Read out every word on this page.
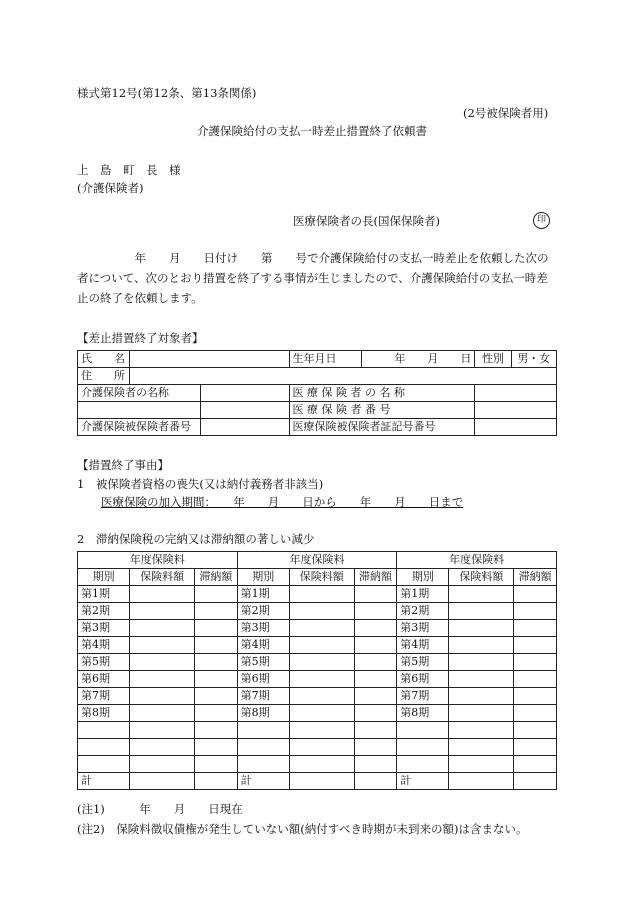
様式第12号(第12条、第13条関係)
(2号被保険者用)
介護保険給付の支払一時差止措置終了依頼書
上　島　町　長　様
(介護保険者)
医療保険者の長(国保保険者)	印
　　　　　年　　月　　日付け　　第　　号で介護保険給付の支払一時差止を依頼した次の者について、次のとおり措置を終了する事情が生じましたので、介護保険給付の支払一時差止の終了を依頼します。
【差止措置終了対象者】
氏　　名			生年月日	年　　月　　日	性別	男・女
住　　所						
介護保険者の名称			医 療 保 険 者 の 名 称			
			医 療 保 険 者 番 号			
介護保険被保険者番号			医療保険被保険者証記号番号			
【措置終了事由】
1　被保険者資格の喪失(又は納付義務者非該当)
医療保険の加入期間：　　年　　月　　日から　　年　　月　　日まで
2　滞納保険税の完納又は滞納額の著しい減少
年度保険料			年度保険料			年度保険料		
期別	保険料額	滞納額	期別	保険料額	滞納額	期別	保険料額	滞納額
第1期			第1期			第1期		
第2期			第2期			第2期		
第3期			第3期			第3期		
第4期			第4期			第4期		
第5期			第5期			第5期		
第6期			第6期			第6期		
第7期			第7期			第7期		
第8期			第8期			第8期		

計			計			計		
(注1)　　　年　　月　　日現在
(注2)　保険料徴収債権が発生していない額(納付すべき時期が未到来の額)は含まない。
